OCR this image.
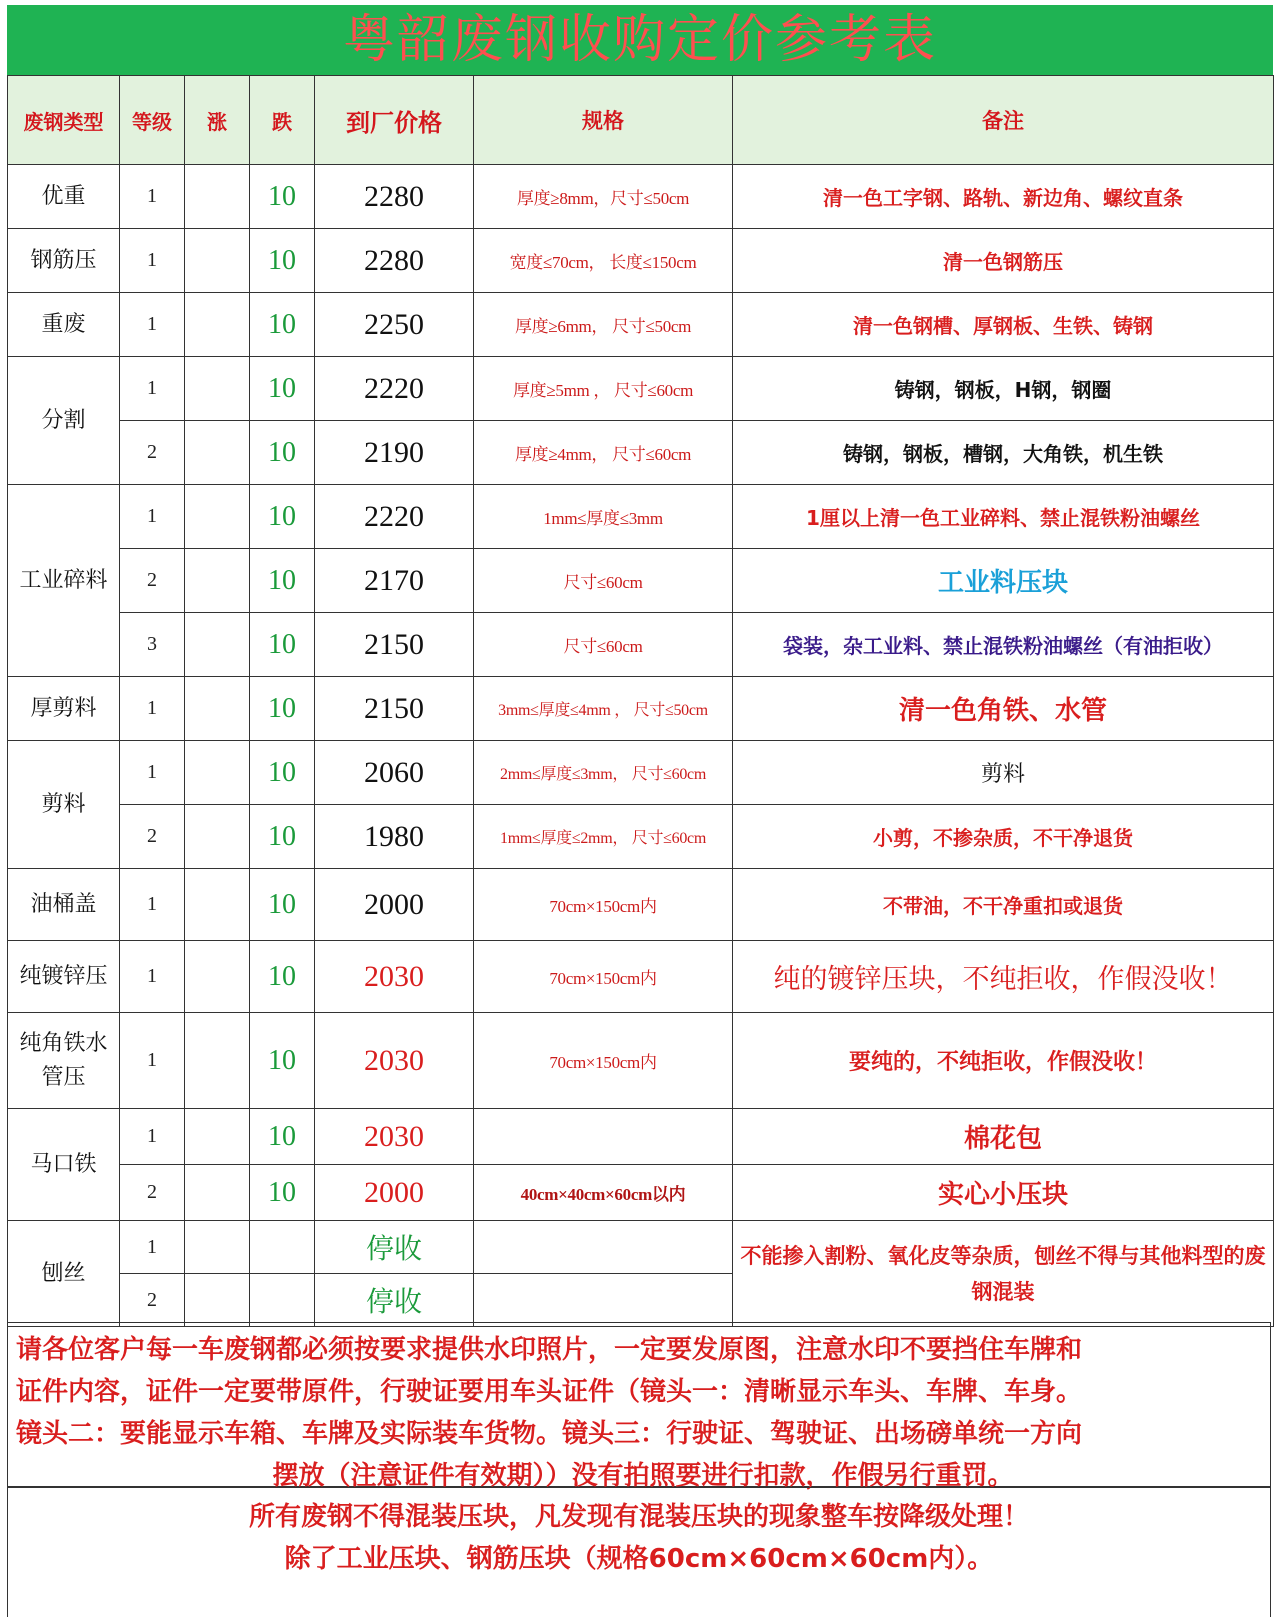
粤韶废钢收购定价参考表
废钢类型	等级	涨	跌	到厂价格	规格	备注
优重	1		10	2280	厚度≥8mm，尺寸≤50cm	清一色工字钢、路轨、新边角、螺纹直条
钢筋压	1		10	2280	宽度≤70cm， 长度≤150cm	清一色钢筋压
重废	1		10	2250	厚度≥6mm， 尺寸≤50cm	清一色钢槽、厚钢板、生铁、铸钢
分割	1		10	2220	厚度≥5mm ， 尺寸≤60cm	铸钢，钢板，H钢，钢圈
	2		10	2190	厚度≥4mm， 尺寸≤60cm	铸钢，钢板，槽钢，大角铁，机生铁
工业碎料	1		10	2220	1mm≤厚度≤3mm	1厘以上清一色工业碎料、禁止混铁粉油螺丝
	2		10	2170	尺寸≤60cm	工业料压块
	3		10	2150	尺寸≤60cm	袋装，杂工业料、禁止混铁粉油螺丝（有油拒收）
厚剪料	1		10	2150	3mm≤厚度≤4mm ， 尺寸≤50cm	清一色角铁、水管
剪料	1		10	2060	2mm≤厚度≤3mm， 尺寸≤60cm	剪料
	2		10	1980	1mm≤厚度≤2mm， 尺寸≤60cm	小剪，不掺杂质，不干净退货
油桶盖	1		10	2000	70cm×150cm内	不带油，不干净重扣或退货
纯镀锌压	1		10	2030	70cm×150cm内	纯的镀锌压块，不纯拒收，作假没收！
纯角铁水管压	1		10	2030	70cm×150cm内	要纯的，不纯拒收，作假没收！
马口铁	1		10	2030		棉花包
	2		10	2000	40cm×40cm×60cm以内	实心小压块
刨丝	1			停收		不能掺入割粉、氧化皮等杂质，刨丝不得与其他料型的废钢混装
	2			停收		
请各位客户每一车废钢都必须按要求提供水印照片，一定要发原图，注意水印不要挡住车牌和
证件内容，证件一定要带原件，行驶证要用车头证件（镜头一：清晰显示车头、车牌、车身。
镜头二：要能显示车箱、车牌及实际装车货物。镜头三：行驶证、驾驶证、出场磅单统一方向
摆放（注意证件有效期））没有拍照要进行扣款，作假另行重罚。
所有废钢不得混装压块，凡发现有混装压块的现象整车按降级处理！
除了工业压块、钢筋压块（规格60cm×60cm×60cm内）。
